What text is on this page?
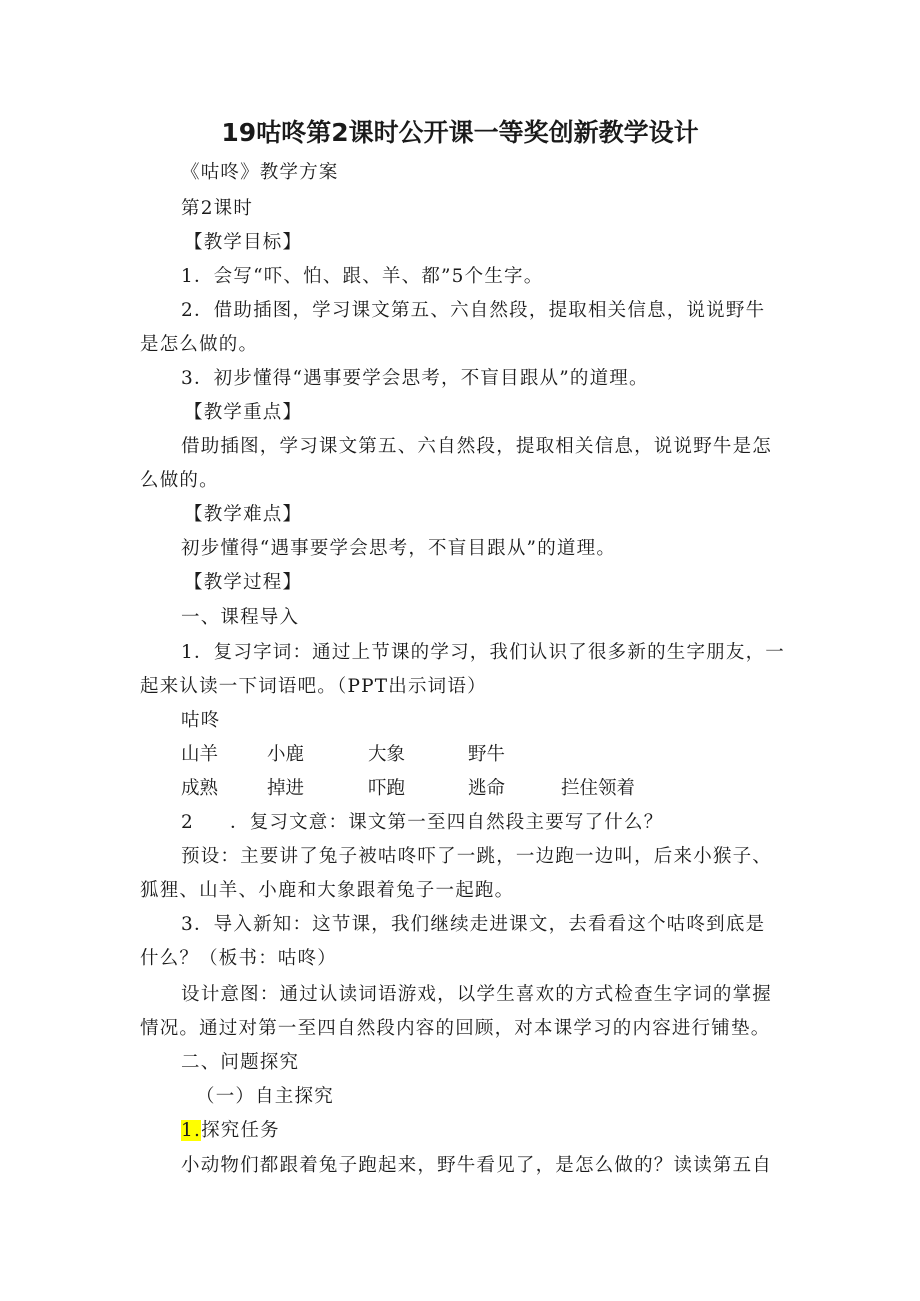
19咕咚第2课时公开课一等奖创新教学设计
《咕咚》教学方案
第2课时
【教学目标】
1．会写“吓、怕、跟、羊、都”5个生字。
2．借助插图，学习课文第五、六自然段，提取相关信息，说说野牛
是怎么做的。
3．初步懂得“遇事要学会思考，不盲目跟从”的道理。
【教学重点】
借助插图，学习课文第五、六自然段，提取相关信息，说说野牛是怎
么做的。
【教学难点】
初步懂得“遇事要学会思考，不盲目跟从”的道理。
【教学过程】
一、课程导入
1．复习字词：通过上节课的学习，我们认识了很多新的生字朋友，一
起来认读一下词语吧。（PPT出示词语）
咕咚
山羊	小鹿	大象	野牛
成熟	掉进	吓跑	逃命	拦住领着
2 ．复习文意：课文第一至四自然段主要写了什么？
预设：主要讲了兔子被咕咚吓了一跳，一边跑一边叫，后来小猴子、
狐狸、山羊、小鹿和大象跟着兔子一起跑。
3．导入新知：这节课，我们继续走进课文，去看看这个咕咚到底是
什么？（板书：咕咚）
设计意图：通过认读词语游戏，以学生喜欢的方式检查生字词的掌握
情况。通过对第一至四自然段内容的回顾，对本课学习的内容进行铺垫。
二、问题探究
（一）自主探究
1.探究任务
小动物们都跟着兔子跑起来，野牛看见了，是怎么做的？读读第五自
